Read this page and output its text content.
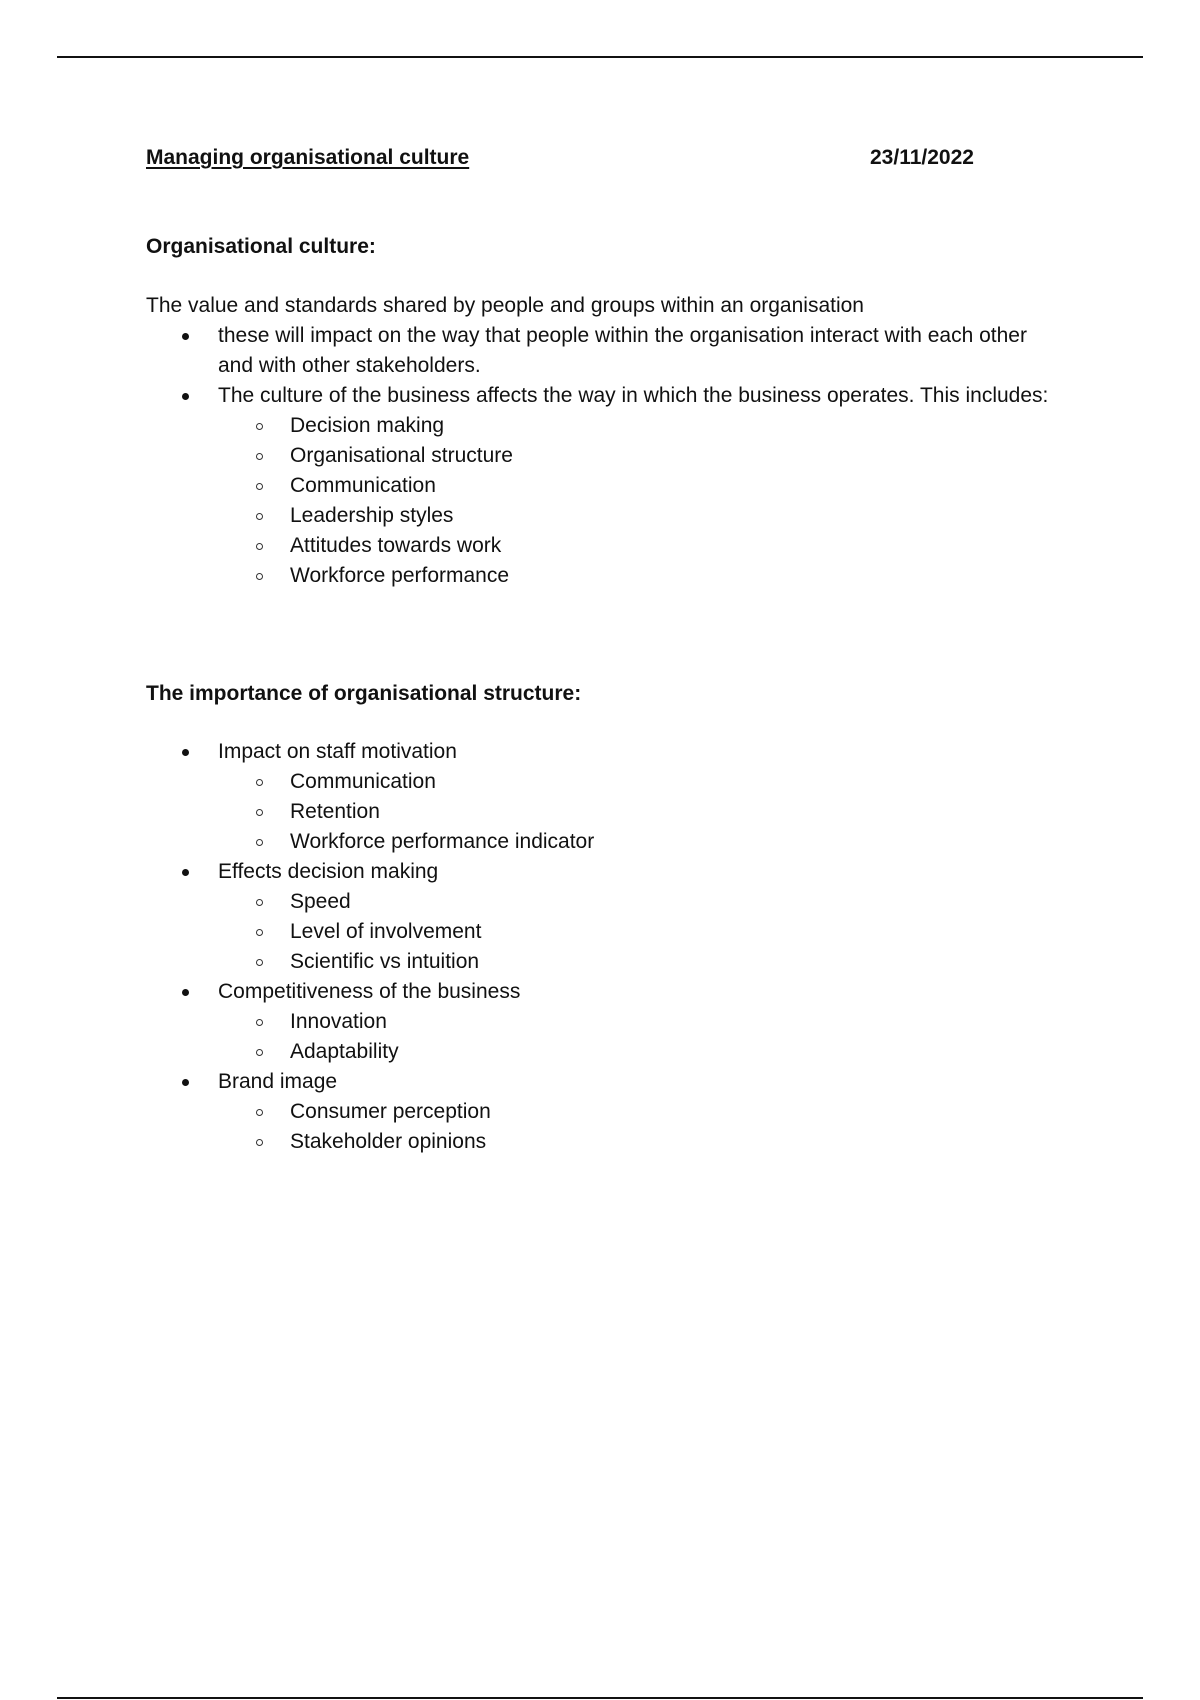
Managing organisational culture	23/11/2022
Organisational culture:
The value and standards shared by people and groups within an organisation
these will impact on the way that people within the organisation interact with each other and with other stakeholders.
The culture of the business affects the way in which the business operates. This includes:
Decision making
Organisational structure
Communication
Leadership styles
Attitudes towards work
Workforce performance
The importance of organisational structure:
Impact on staff motivation
Communication
Retention
Workforce performance indicator
Effects decision making
Speed
Level of involvement
Scientific vs intuition
Competitiveness of the business
Innovation
Adaptability
Brand image
Consumer perception
Stakeholder opinions
